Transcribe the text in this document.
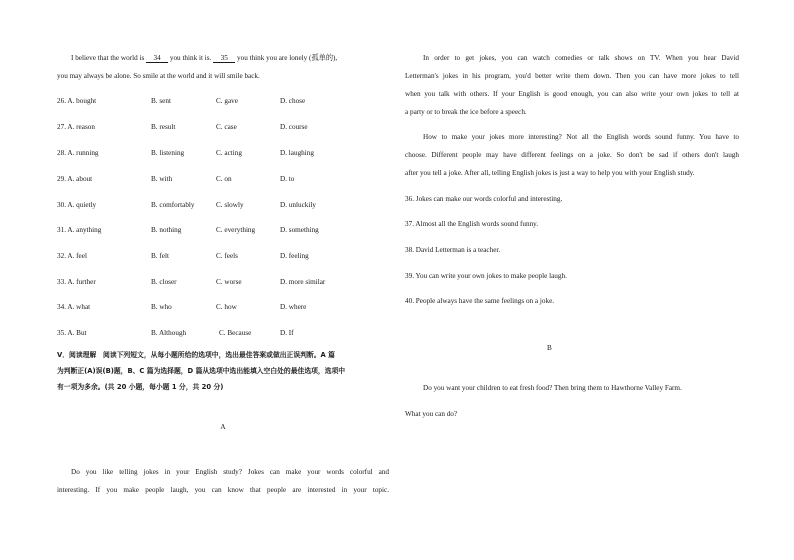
I believe that the world is 34 you think it is. 35 you think you are lonely (孤单的),
you may always be alone. So smile at the world and it will smile back.
26. A. bought	B. sent	C. gave	D. chose
27. A. reason	B. result	C. case	D. course
28. A. running	B. listening	C. acting	D. laughing
29. A. about	B. with	C. on	D. to
30. A. quietly	B. comfortably	C. slowly	D. unluckily
31. A. anything	B. nothing	C. everything	D. something
32. A. feel	B. felt	C. feels	D. feeling
33. A. further	B. closer	C. worse	D. more similar
34. A. what	B. who	C. how	D. where
35. A. But	B. Although	C. Because	D. If
V．阅读理解　阅读下列短文，从每小题所给的选项中，选出最佳答案或做出正误判断。A 篇
为判断正(A)误(B)题，B、C 篇为选择题，D 篇从选项中选出能填入空白处的最佳选项，选项中
有一项为多余。(共 20 小题，每小题 1 分，共 20 分)
A
Do you like telling jokes in your English study? Jokes can make your words colorful and
interesting. If you make people laugh, you can know that people are interested in your topic.
In order to get jokes, you can watch comedies or talk shows on TV. When you hear David
Letterman's jokes in his program, you'd better write them down. Then you can have more jokes to tell
when you talk with others. If your English is good enough, you can also write your own jokes to tell at
a party or to break the ice before a speech.
How to make your jokes more interesting? Not all the English words sound funny. You have to
choose. Different people may have different feelings on a joke. So don't be sad if others don't laugh
after you tell a joke. After all, telling English jokes is just a way to help you with your English study.
36. Jokes can make our words colorful and interesting.
37. Almost all the English words sound funny.
38. David Letterman is a teacher.
39. You can write your own jokes to make people laugh.
40. People always have the same feelings on a joke.
B
Do you want your children to eat fresh food? Then bring them to Hawthorne Valley Farm.
What you can do?
